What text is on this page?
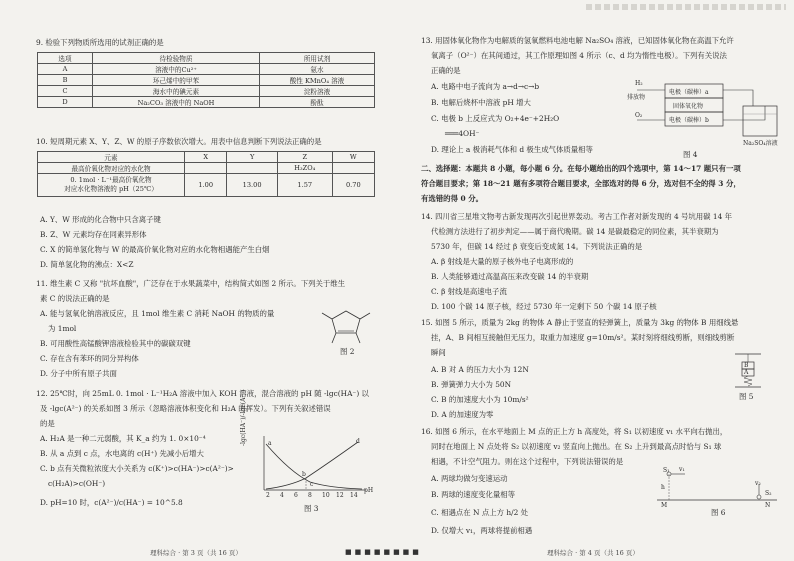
9. 检验下列物质所选用的试剂正确的是
选项	待检验物质	所用试剂
A	溶液中的Cu²⁺	氨水
B	环己烯中的甲苯	酸性 KMnO₄ 溶液
C	海水中的碘元素	淀粉溶液
D	Na₂CO₃ 溶液中的 NaOH	酚酞
10. 短周期元素 X、Y、Z、W 的原子序数依次增大。用表中信息判断下列说法正确的是
元素	X	Y	Z	W
最高价氧化物对应的水化物			H₃ZO₄	

0. 1mol · L⁻¹最高价氧化物
对应水化物溶液的 pH（25℃）	1.00	13.00	1.57	0.70
A. Y、W 形成的化合物中只含离子键
B. Z、W 元素均存在同素异形体
C. X 的简单氢化物与 W 的最高价氧化物对应的水化物相遇能产生白烟
D. 简单氢化物的沸点：X<Z
11. 维生素 C 又称 "抗坏血酸"，广泛存在于水果蔬菜中，结构简式如图 2 所示。下列关于维生
素 C 的说法正确的是
A. 能与氢氧化钠溶液反应，且 1mol 维生素 C 消耗 NaOH 的物质的量
为 1mol
B. 可用酸性高锰酸钾溶液检验其中的碳碳双键
C. 存在含有苯环的同分异构体
D. 分子中所有原子共面
图 2
12. 25℃时，向 25mL 0. 1mol · L⁻¹H₂A 溶液中加入 KOH 溶液，混合溶液的 pH 随 -lgc(HA⁻) 以
及 -lgc(A²⁻) 的关系如图 3 所示（忽略溶液体积变化和 H₂A 的挥发）。下列有关叙述错误
的是
A. H₂A 是一种二元弱酸，其 K_a 约为 1. 0×10⁻⁴
B. 从 a 点到 c 点，水电离的 c(H⁺) 先减小后增大
C. b 点有关微粒浓度大小关系为 c(K⁺)>c(HA⁻)>c(A²⁻)>
c(H₂A)>c(OH⁻)
D. pH=10 时，c(A²⁻)/c(HA⁻) = 10^5.8
-lgc(HA⁻)/-lgc(A²⁻)
pH
2 4 6 8 10 12 14
a
b
c
d
图 3
理科综合 · 第 3 页（共 16 页）	■■■■■■■■
13. 用固体氧化物作为电解质的氢氧燃料电池电解 Na₂SO₄ 溶液，已知固体氧化物在高温下允许
氧离子（O²⁻）在其间通过，其工作原理如图 4 所示（c、d 均为惰性电极）。下列有关说法
正确的是
A. 电路中电子流向为 a→d→c→b
B. 电解后烧杯中溶液 pH 增大
C. 电极 b 上反应式为 O₂+4e⁻+2H₂O
═══4OH⁻
D. 理论上 a 极消耗气体和 d 极生成气体质量相等
H₂
排放物
O₂
电极（碳棒）a
固体氧化物
电极（碳棒）b
Na₂SO₄溶液
图 4
二、选择题：本题共 8 小题，每小题 6 分。在每小题给出的四个选项中，第 14～17 题只有一项
符合题目要求；第 18～21 题有多项符合题目要求，全部选对的得 6 分，选对但不全的得 3 分，
有选错的得 0 分。
14. 四川省三星堆文物考古新发现再次引起世界轰动。考古工作者对新发现的 4 号坑用碳 14 年
代检测方法进行了初步判定——属于商代晚期。碳 14 是碳最稳定的同位素，其半衰期为
5730 年，但碳 14 经过 β 衰变后变成氮 14。下列说法正确的是
A. β 射线是大量的原子核外电子电离形成的
B. 人类能够通过高温高压来改变碳 14 的半衰期
C. β 射线是高速电子流
D. 100 个碳 14 原子核，经过 5730 年一定剩下 50 个碳 14 原子核
15. 如图 5 所示，质量为 2kg 的物体 A 静止于竖直的轻弹簧上，质量为 3kg 的物体 B 用细线悬
挂，A、B 间相互接触但无压力，取重力加速度 g=10m/s²。某时刻将细线剪断，则细线剪断
瞬间
A. B 对 A 的压力大小为 12N
B. 弹簧弹力大小为 50N
C. B 的加速度大小为 10m/s²
D. A 的加速度为零
B
A
图 5
16. 如图 6 所示，在水平地面上 M 点的正上方 h 高度处，将 S₁ 以初速度 v₁ 水平向右抛出，
同时在地面上 N 点处将 S₂ 以初速度 v₂ 竖直向上抛出。在 S₂ 上升到最高点时恰与 S₁ 球
相遇，不计空气阻力。则在这个过程中，下列说法错误的是
A. 两球均做匀变速运动
B. 两球的速度变化量相等
C. 相遇点在 N 点上方 h/2 处
D. 仅增大 v₁，两球将提前相遇
S₁ v₁
h
M
S₂
N
v₂
图 6
理科综合 · 第 4 页（共 16 页）
